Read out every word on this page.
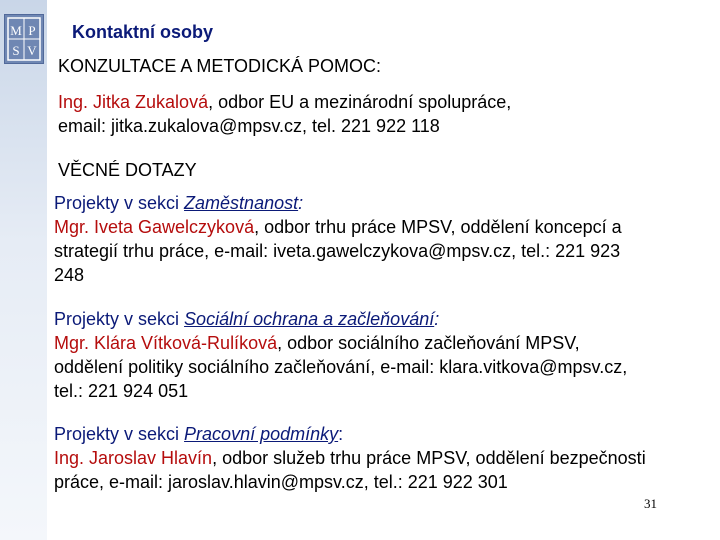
M P
S V
Kontaktní osoby
KONZULTACE A METODICKÁ POMOC:
Ing. Jitka Zukalová, odbor EU a mezinárodní spolupráce,
email: jitka.zukalova@mpsv.cz, tel. 221 922 118
VĚCNÉ DOTAZY
Projekty v sekci Zaměstnanost:
Mgr. Iveta Gawelczyková, odbor trhu práce MPSV, oddělení koncepcí a
strategií trhu práce, e-mail: iveta.gawelczykova@mpsv.cz, tel.: 221 923
248
Projekty v sekci Sociální ochrana a začleňování:
Mgr. Klára Vítková-Rulíková, odbor sociálního začleňování MPSV,
oddělení politiky sociálního začleňování, e-mail: klara.vitkova@mpsv.cz,
tel.: 221 924 051
Projekty v sekci Pracovní podmínky:
Ing. Jaroslav Hlavín, odbor služeb trhu práce MPSV, oddělení bezpečnosti
práce, e-mail: jaroslav.hlavin@mpsv.cz, tel.: 221 922 301
31
